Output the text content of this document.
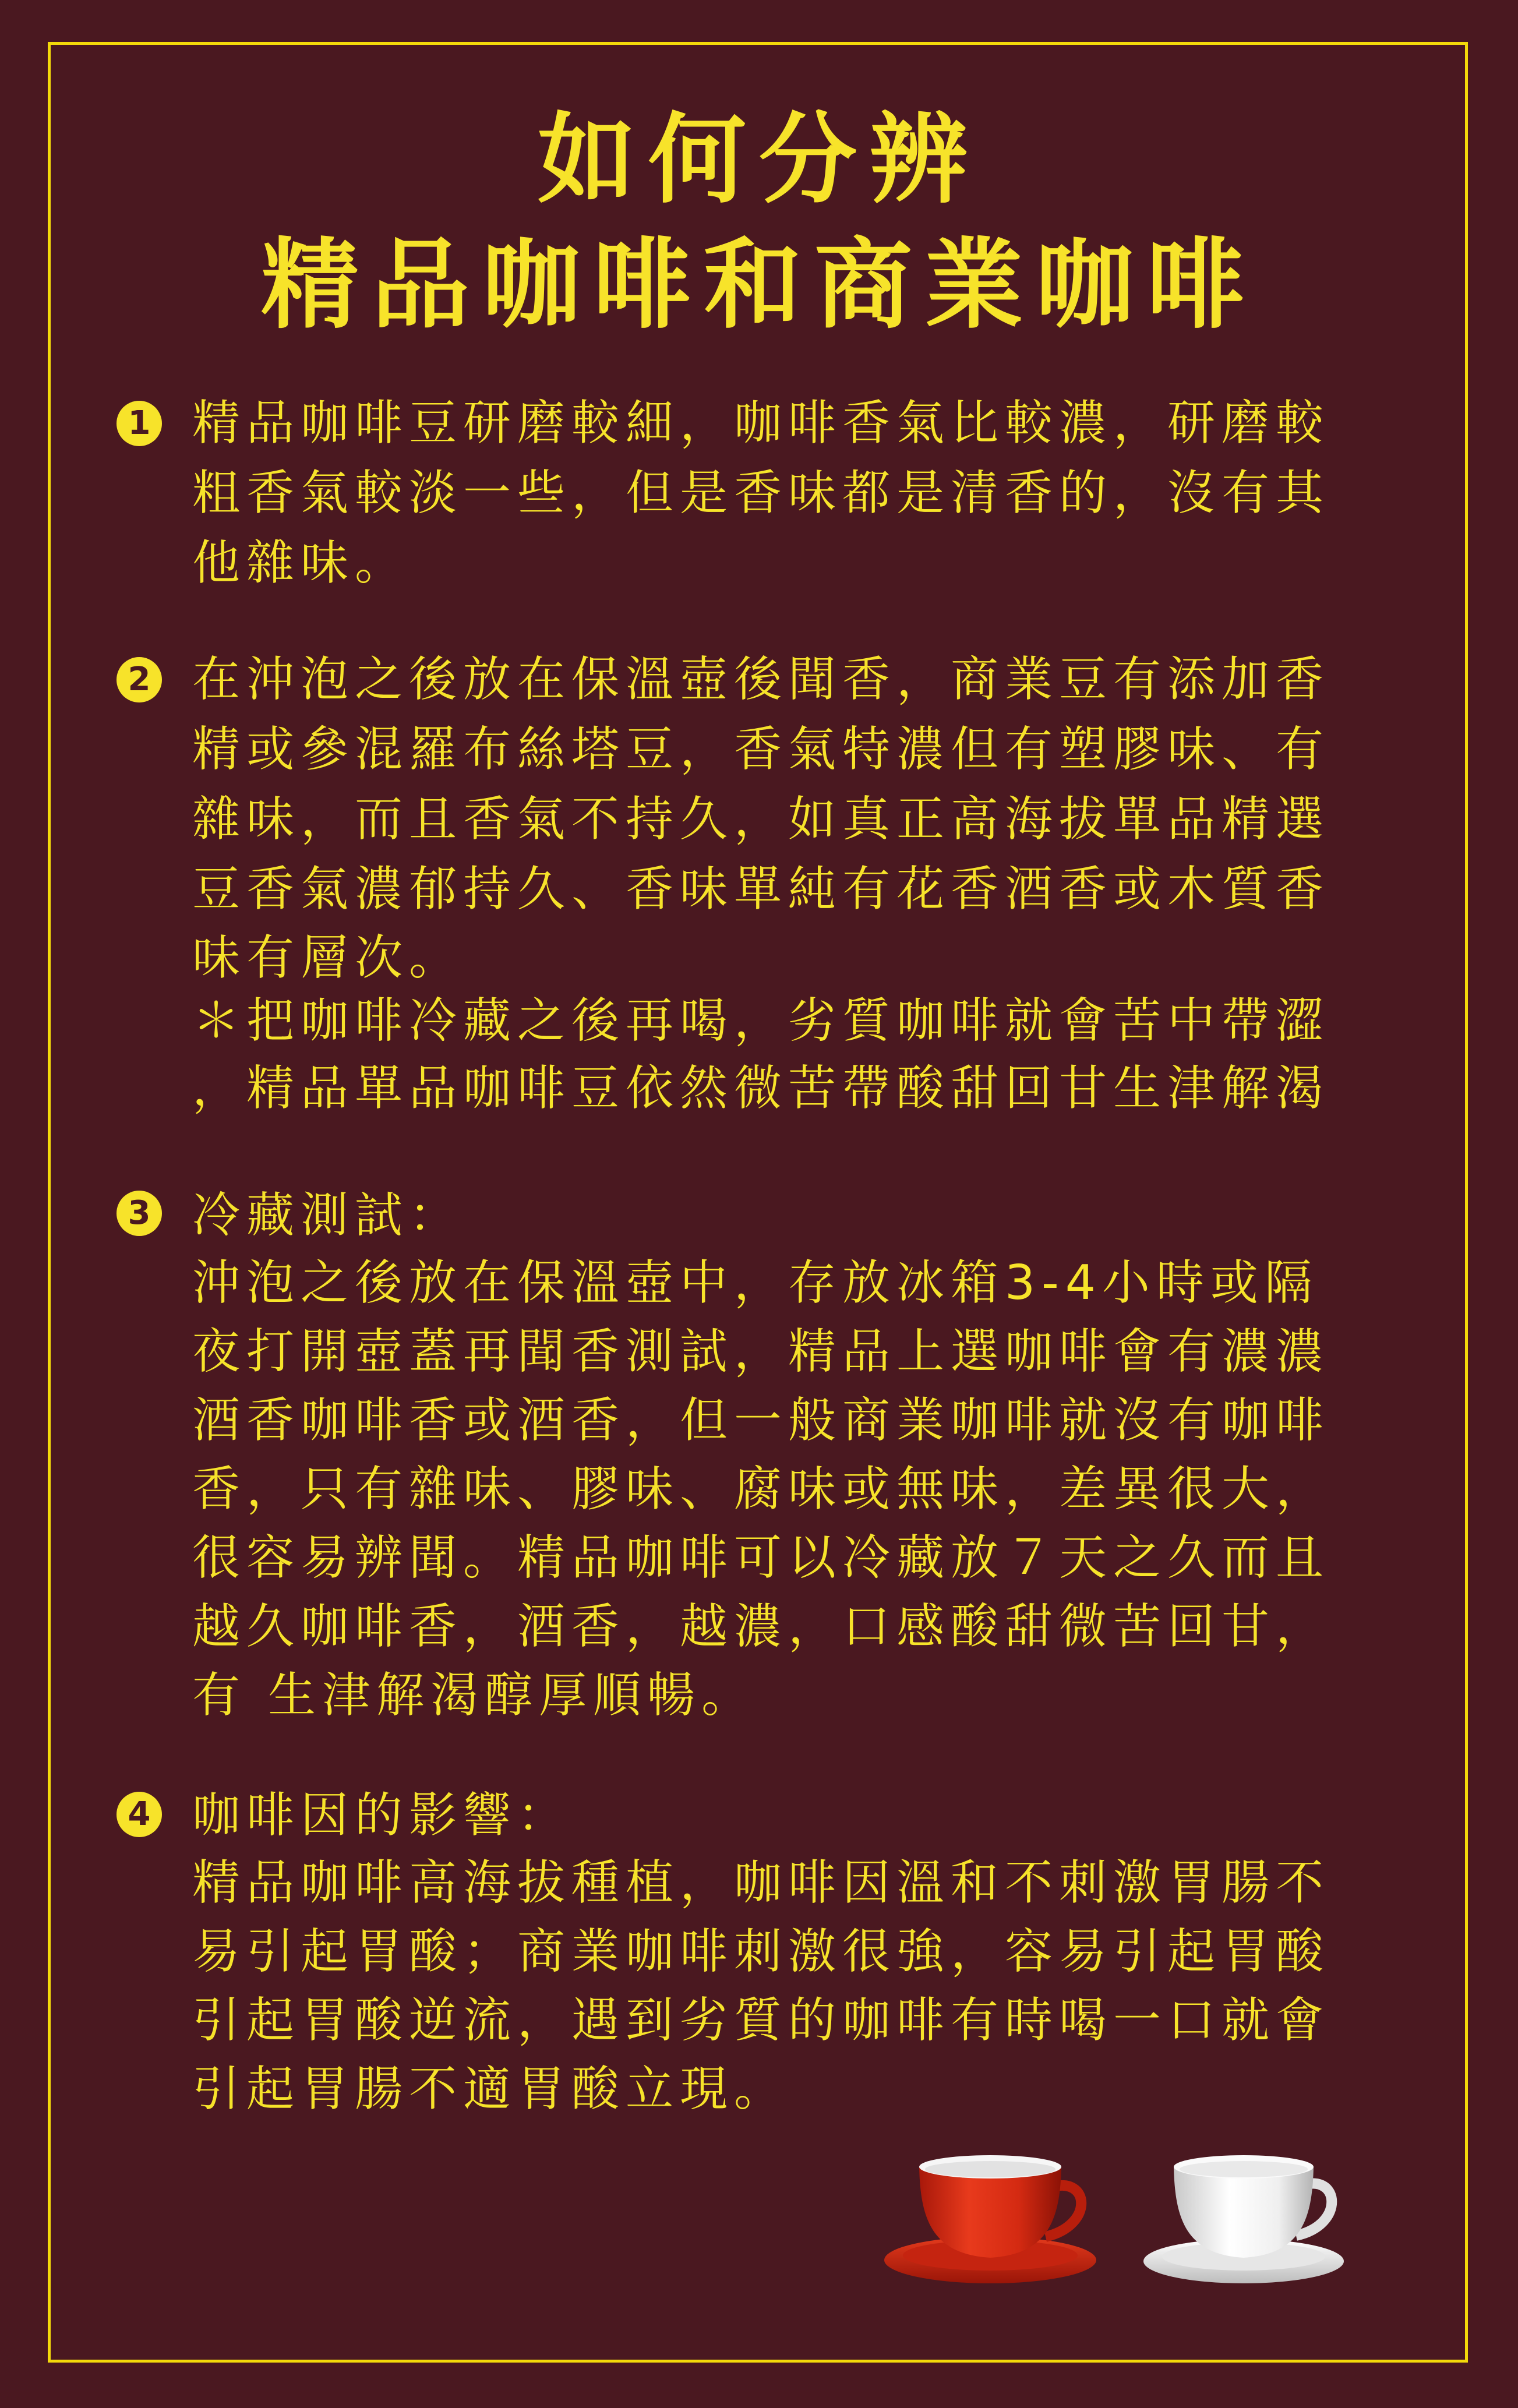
如何分辨
精品咖啡和商業咖啡
1 精品咖啡豆研磨較細，咖啡香氣比較濃，研磨較
粗香氣較淡一些，但是香味都是清香的，沒有其
他雜味。
2 在沖泡之後放在保溫壺後聞香，商業豆有添加香
精或參混羅布絲塔豆，香氣特濃但有塑膠味、有
雜味，而且香氣不持久，如真正高海拔單品精選
豆香氣濃郁持久、香味單純有花香酒香或木質香
味有層次。
＊把咖啡冷藏之後再喝，劣質咖啡就會苦中帶澀
，精品單品咖啡豆依然微苦帶酸甜回甘生津解渴
3 冷藏測試：
沖泡之後放在保溫壺中，存放冰箱3-4小時或隔
夜打開壺蓋再聞香測試，精品上選咖啡會有濃濃
酒香咖啡香或酒香，但一般商業咖啡就沒有咖啡
香，只有雜味、膠味、腐味或無味，差異很大，
很容易辨聞。精品咖啡可以冷藏放７天之久而且
越久咖啡香，酒香，越濃，口感酸甜微苦回甘，
有 生津解渴醇厚順暢。
4 咖啡因的影響：
精品咖啡高海拔種植，咖啡因溫和不刺激胃腸不
易引起胃酸；商業咖啡刺激很強，容易引起胃酸
引起胃酸逆流，遇到劣質的咖啡有時喝一口就會
引起胃腸不適胃酸立現。
